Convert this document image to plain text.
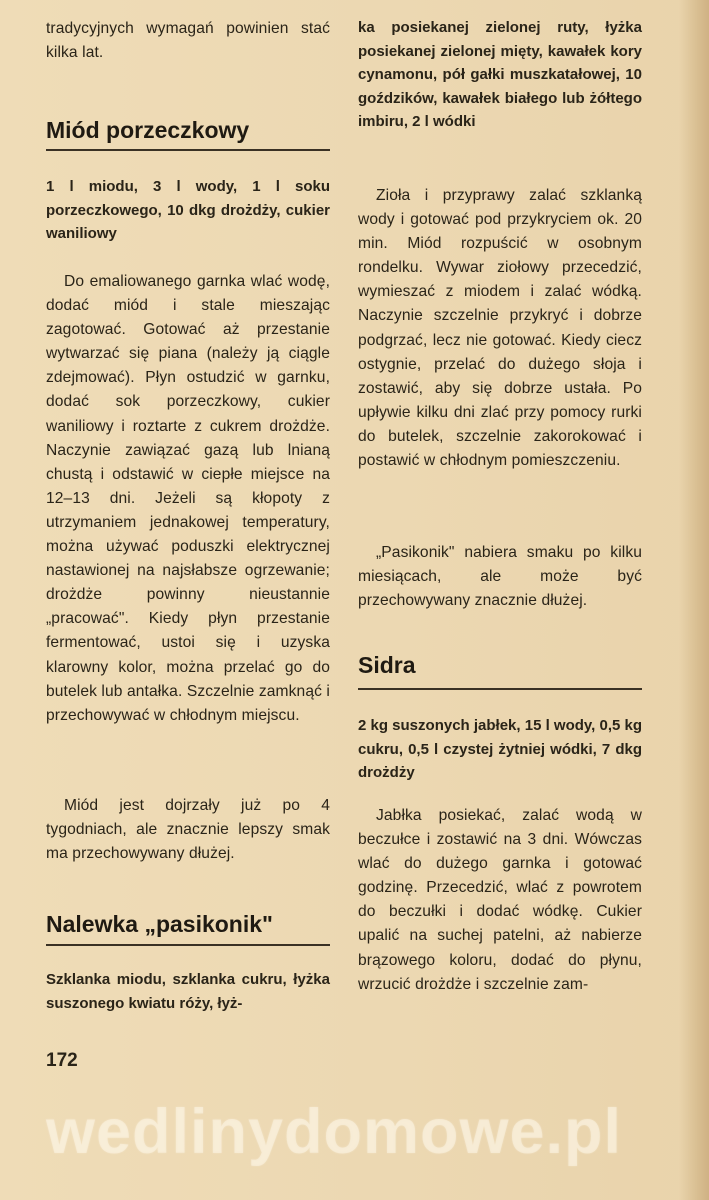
tradycyjnych wymagań powinien stać kilka lat.

Miód porzeczkowy

1 l miodu, 3 l wody, 1 l soku porzeczkowego, 10 dkg drożdży, cukier waniliowy

Do emaliowanego garnka wlać wodę, dodać miód i stale mieszając zagotować. Gotować aż przestanie wytwarzać się piana (należy ją ciągle zdejmować). Płyn ostudzić w garnku, dodać sok porzeczkowy, cukier waniliowy i roztarte z cukrem drożdże. Naczynie zawiązać gazą lub lnianą chustą i odstawić w ciepłe miejsce na 12–13 dni. Jeżeli są kłopoty z utrzymaniem jednakowej temperatury, można używać poduszki elektrycznej nastawionej na najsłabsze ogrzewanie; drożdże powinny nieustannie „pracować". Kiedy płyn przestanie fermentować, ustoi się i uzyska klarowny kolor, można przelać go do butelek lub antałka. Szczelnie zamknąć i przechowywać w chłodnym miejscu.

Miód jest dojrzały już po 4 tygodniach, ale znacznie lepszy smak ma przechowywany dłużej.

Nalewka „pasikonik"

Szklanka miodu, szklanka cukru, łyżka suszonego kwiatu róży, łyż-

172

ka posiekanej zielonej ruty, łyżka posiekanej zielonej mięty, kawałek kory cynamonu, pół gałki muszkatałowej, 10 goździków, kawałek białego lub żółtego imbiru, 2 l wódki

Zioła i przyprawy zalać szklanką wody i gotować pod przykryciem ok. 20 min. Miód rozpuścić w osobnym rondelku. Wywar ziołowy przecedzić, wymieszać z miodem i zalać wódką. Naczynie szczelnie przykryć i dobrze podgrzać, lecz nie gotować. Kiedy ciecz ostygnie, przelać do dużego słoja i zostawić, aby się dobrze ustała. Po upływie kilku dni zlać przy pomocy rurki do butelek, szczelnie zakorokować i postawić w chłodnym pomieszczeniu.

„Pasikonik" nabiera smaku po kilku miesiącach, ale może być przechowywany znacznie dłużej.

Sidra

2 kg suszonych jabłek, 15 l wody, 0,5 kg cukru, 0,5 l czystej żytniej wódki, 7 dkg drożdży

Jabłka posiekać, zalać wodą w beczułce i zostawić na 3 dni. Wówczas wlać do dużego garnka i gotować godzinę. Przecedzić, wlać z powrotem do beczułki i dodać wódkę. Cukier upalić na suchej patelni, aż nabierze brązowego koloru, dodać do płynu, wrzucić drożdże i szczelnie zam-

wedlinydomowe.pl
